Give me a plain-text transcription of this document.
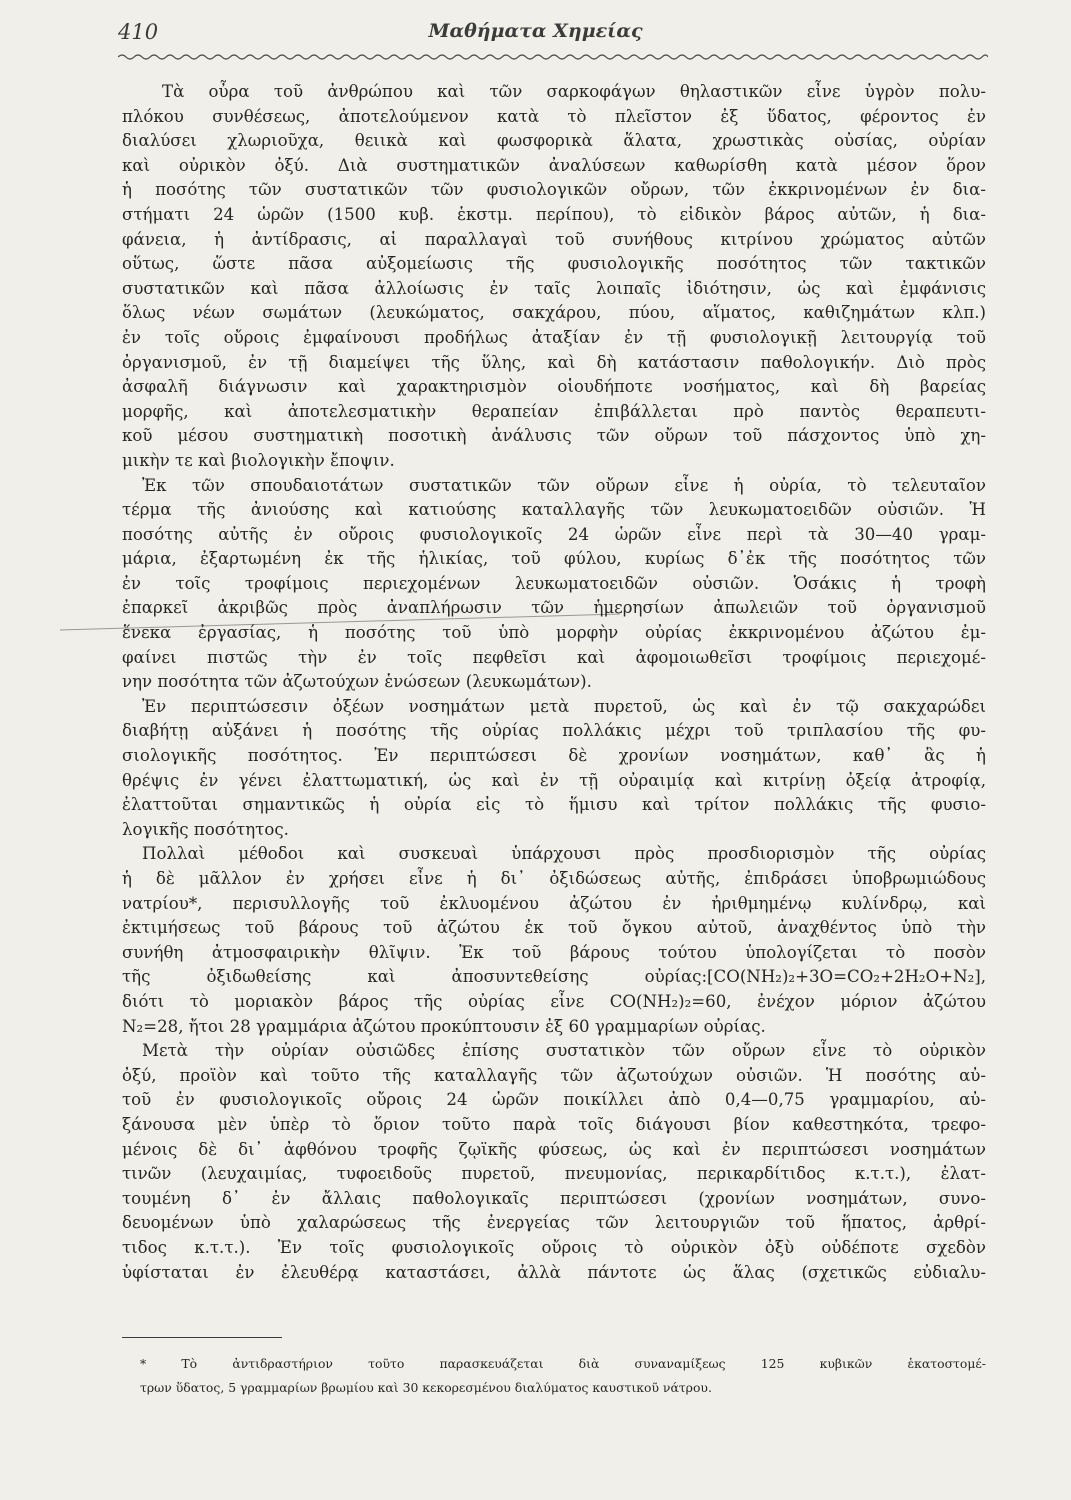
410	Μαθήματα Χημείας
Τὰ οὖρα τοῦ ἀνθρώπου καὶ τῶν σαρκοφάγων θηλαστικῶν εἶνε ὑγρὸν πολυ-
πλόκου συνθέσεως, ἀποτελούμενον κατὰ τὸ πλεῖστον ἐξ ὕδατος, φέροντος ἐν
διαλύσει χλωριοῦχα, θειικὰ καὶ φωσφορικὰ ἅλατα, χρωστικὰς οὐσίας, οὐρίαν
καὶ οὐρικὸν ὀξύ. Διὰ συστηματικῶν ἀναλύσεων καθωρίσθη κατὰ μέσον ὅρον
ἡ ποσότης τῶν συστατικῶν τῶν φυσιολογικῶν οὔρων, τῶν ἐκκρινομένων ἐν δια-
στήματι 24 ὡρῶν (1500 κυβ. ἑκστμ. περίπου), τὸ εἰδικὸν βάρος αὐτῶν, ἡ δια-
φάνεια, ἡ ἀντίδρασις, αἱ παραλλαγαὶ τοῦ συνήθους κιτρίνου χρώματος αὐτῶν
οὕτως, ὥστε πᾶσα αὐξομείωσις τῆς φυσιολογικῆς ποσότητος τῶν τακτικῶν
συστατικῶν καὶ πᾶσα ἀλλοίωσις ἐν ταῖς λοιπαῖς ἰδιότησιν, ὡς καὶ ἐμφάνισις
ὅλως νέων σωμάτων (λευκώματος, σακχάρου, πύου, αἵματος, καθιζημάτων κλπ.)
ἐν τοῖς οὔροις ἐμφαίνουσι προδήλως ἀταξίαν ἐν τῇ φυσιολογικῇ λειτουργίᾳ τοῦ
ὀργανισμοῦ, ἐν τῇ διαμείψει τῆς ὕλης, καὶ δὴ κατάστασιν παθολογικήν. Διὸ πρὸς
ἀσφαλῆ διάγνωσιν καὶ χαρακτηρισμὸν οἱουδήποτε νοσήματος, καὶ δὴ βαρείας
μορφῆς, καὶ ἀποτελεσματικὴν θεραπείαν ἐπιβάλλεται πρὸ παντὸς θεραπευτι-
κοῦ μέσου συστηματικὴ ποσοτικὴ ἀνάλυσις τῶν οὔρων τοῦ πάσχοντος ὑπὸ χη-
μικὴν τε καὶ βιολογικὴν ἔποψιν.
Ἐκ τῶν σπουδαιοτάτων συστατικῶν τῶν οὔρων εἶνε ἡ οὐρία, τὸ τελευταῖον
τέρμα τῆς ἀνιούσης καὶ κατιούσης καταλλαγῆς τῶν λευκωματοειδῶν οὐσιῶν. Ἡ
ποσότης αὐτῆς ἐν οὔροις φυσιολογικοῖς 24 ὡρῶν εἶνε περὶ τὰ 30—40 γραμ-
μάρια, ἐξαρτωμένη ἐκ τῆς ἡλικίας, τοῦ φύλου, κυρίως δ᾽ἐκ τῆς ποσότητος τῶν
ἐν τοῖς τροφίμοις περιεχομένων λευκωματοειδῶν οὐσιῶν. Ὁσάκις ἡ τροφὴ
ἐπαρκεῖ ἀκριβῶς πρὸς ἀναπλήρωσιν τῶν ἡμερησίων ἀπωλειῶν τοῦ ὀργανισμοῦ
ἕνεκα ἐργασίας, ἡ ποσότης τοῦ ὑπὸ μορφὴν οὐρίας ἐκκρινομένου ἀζώτου ἐμ-
φαίνει πιστῶς τὴν ἐν τοῖς πεφθεῖσι καὶ ἀφομοιωθεῖσι τροφίμοις περιεχομέ-
νην ποσότητα τῶν ἀζωτούχων ἑνώσεων (λευκωμάτων).
Ἐν περιπτώσεσιν ὀξέων νοσημάτων μετὰ πυρετοῦ, ὡς καὶ ἐν τῷ σακχαρώδει
διαβήτῃ αὐξάνει ἡ ποσότης τῆς οὐρίας πολλάκις μέχρι τοῦ τριπλασίου τῆς φυ-
σιολογικῆς ποσότητος. Ἐν περιπτώσεσι δὲ χρονίων νοσημάτων, καθ᾽ ἃς ἡ
θρέψις ἐν γένει ἐλαττωματική, ὡς καὶ ἐν τῇ οὐραιμίᾳ καὶ κιτρίνῃ ὀξείᾳ ἀτροφίᾳ,
ἐλαττοῦται σημαντικῶς ἡ οὐρία εἰς τὸ ἥμισυ καὶ τρίτον πολλάκις τῆς φυσιο-
λογικῆς ποσότητος.
Πολλαὶ μέθοδοι καὶ συσκευαὶ ὑπάρχουσι πρὸς προσδιορισμὸν τῆς οὐρίας
ἡ δὲ μᾶλλον ἐν χρήσει εἶνε ἡ δι᾽ ὀξιδώσεως αὐτῆς, ἐπιδράσει ὑποβρωμιώδους
νατρίου*, περισυλλογῆς τοῦ ἐκλυομένου ἀζώτου ἐν ἠριθμημένῳ κυλίνδρῳ, καὶ
ἐκτιμήσεως τοῦ βάρους τοῦ ἀζώτου ἐκ τοῦ ὄγκου αὐτοῦ, ἀναχθέντος ὑπὸ τὴν
συνήθη ἀτμοσφαιρικὴν θλῖψιν. Ἐκ τοῦ βάρους τούτου ὑπολογίζεται τὸ ποσὸν
τῆς ὀξιδωθείσης καὶ ἀποσυντεθείσης οὐρίας:[CO(NH₂)₂+3O=CO₂+2H₂O+N₂],
διότι τὸ μοριακὸν βάρος τῆς οὐρίας εἶνε CO(NH₂)₂=60, ἐνέχον μόριον ἀζώτου
N₂=28, ἤτοι 28 γραμμάρια ἀζώτου προκύπτουσιν ἐξ 60 γραμμαρίων οὐρίας.
Μετὰ τὴν οὐρίαν οὐσιῶδες ἐπίσης συστατικὸν τῶν οὔρων εἶνε τὸ οὐρικὸν
ὀξύ, προϊὸν καὶ τοῦτο τῆς καταλλαγῆς τῶν ἀζωτούχων οὐσιῶν. Ἡ ποσότης αὐ-
τοῦ ἐν φυσιολογικοῖς οὔροις 24 ὡρῶν ποικίλλει ἀπὸ 0,4—0,75 γραμμαρίου, αὐ-
ξάνουσα μὲν ὑπὲρ τὸ ὅριον τοῦτο παρὰ τοῖς διάγουσι βίον καθεστηκότα, τρεφο-
μένοις δὲ δι᾽ ἀφθόνου τροφῆς ζῳϊκῆς φύσεως, ὡς καὶ ἐν περιπτώσεσι νοσημάτων
τινῶν (λευχαιμίας, τυφοειδοῦς πυρετοῦ, πνευμονίας, περικαρδίτιδος κ.τ.τ.), ἐλατ-
τουμένη δ᾽ ἐν ἄλλαις παθολογικαῖς περιπτώσεσι (χρονίων νοσημάτων, συνο-
δευομένων ὑπὸ χαλαρώσεως τῆς ἐνεργείας τῶν λειτουργιῶν τοῦ ἥπατος, ἀρθρί-
τιδος κ.τ.τ.). Ἐν τοῖς φυσιολογικοῖς οὔροις τὸ οὐρικὸν ὀξὺ οὐδέποτε σχεδὸν
ὑφίσταται ἐν ἐλευθέρᾳ καταστάσει, ἀλλὰ πάντοτε ὡς ἅλας (σχετικῶς εὐδιαλυ-
* Τὸ ἀντιδραστήριον τοῦτο παρασκευάζεται διὰ συναναμίξεως 125 κυβικῶν ἑκατοστομέ-
τρων ὕδατος, 5 γραμμαρίων βρωμίου καὶ 30 κεκορεσμένου διαλύματος καυστικοῦ νάτρου.
